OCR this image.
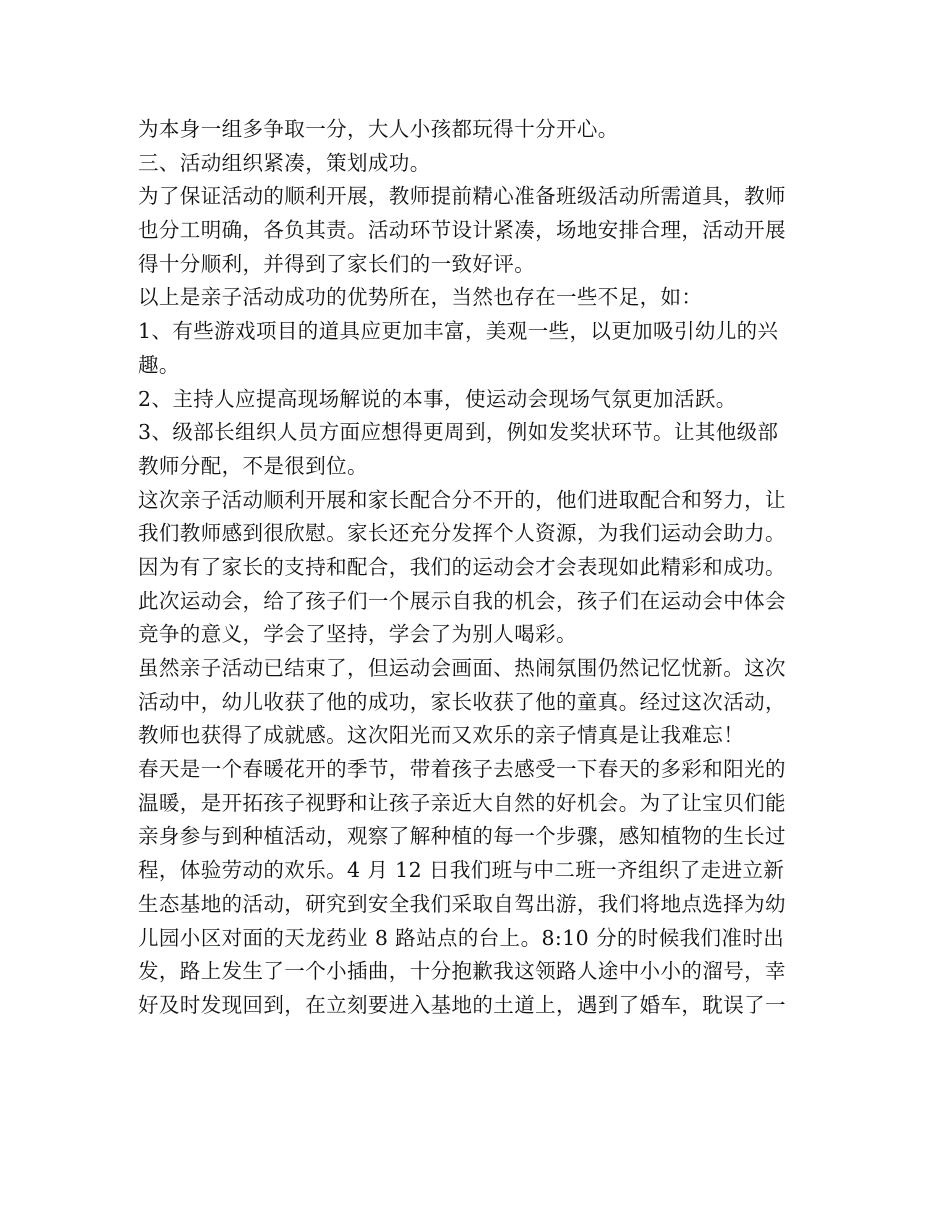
为本身一组多争取一分，大人小孩都玩得十分开心。
三、活动组织紧凑，策划成功。
为了保证活动的顺利开展，教师提前精心准备班级活动所需道具，教师
也分工明确，各负其责。活动环节设计紧凑，场地安排合理，活动开展
得十分顺利，并得到了家长们的一致好评。
以上是亲子活动成功的优势所在，当然也存在一些不足，如：
1、有些游戏项目的道具应更加丰富，美观一些，以更加吸引幼儿的兴
趣。
2、主持人应提高现场解说的本事，使运动会现场气氛更加活跃。
3、级部长组织人员方面应想得更周到，例如发奖状环节。让其他级部
教师分配，不是很到位。
这次亲子活动顺利开展和家长配合分不开的，他们进取配合和努力，让
我们教师感到很欣慰。家长还充分发挥个人资源，为我们运动会助力。
因为有了家长的支持和配合，我们的运动会才会表现如此精彩和成功。
此次运动会，给了孩子们一个展示自我的机会，孩子们在运动会中体会
竞争的意义，学会了坚持，学会了为别人喝彩。
虽然亲子活动已结束了，但运动会画面、热闹氛围仍然记忆忧新。这次
活动中，幼儿收获了他的成功，家长收获了他的童真。经过这次活动，
教师也获得了成就感。这次阳光而又欢乐的亲子情真是让我难忘！
春天是一个春暖花开的季节，带着孩子去感受一下春天的多彩和阳光的
温暖，是开拓孩子视野和让孩子亲近大自然的好机会。为了让宝贝们能
亲身参与到种植活动，观察了解种植的每一个步骤，感知植物的生长过
程，体验劳动的欢乐。4 月 12 日我们班与中二班一齐组织了走进立新
生态基地的活动，研究到安全我们采取自驾出游，我们将地点选择为幼
儿园小区对面的天龙药业 8 路站点的台上。8:10 分的时候我们准时出
发，路上发生了一个小插曲，十分抱歉我这领路人途中小小的溜号，幸
好及时发现回到，在立刻要进入基地的土道上，遇到了婚车，耽误了一
